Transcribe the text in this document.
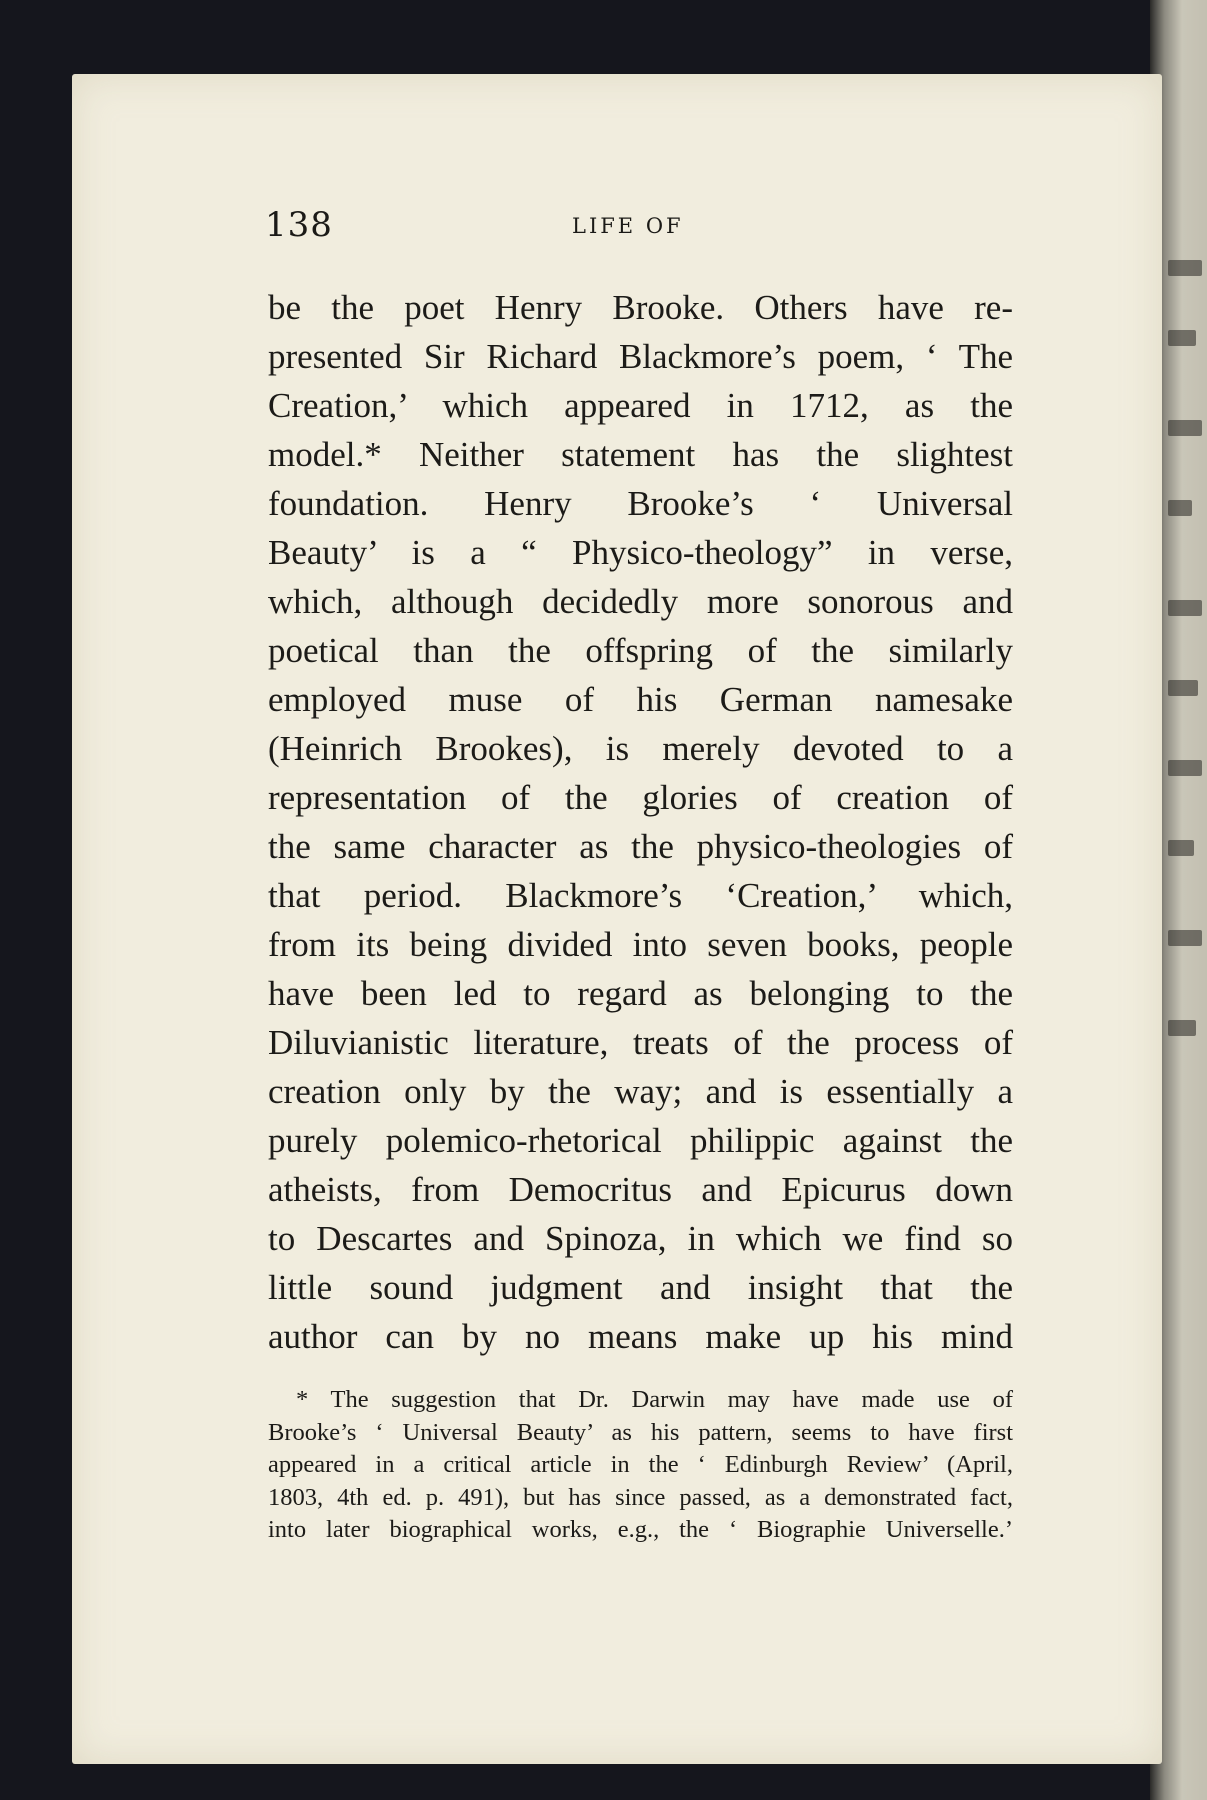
138	LIFE OF
be the poet Henry Brooke. Others have re-
presented Sir Richard Blackmore’s poem, ‘ The
Creation,’ which appeared in 1712, as the
model.* Neither statement has the slightest
foundation. Henry Brooke’s ‘ Universal
Beauty’ is a “ Physico-theology” in verse,
which, although decidedly more sonorous and
poetical than the offspring of the similarly
employed muse of his German namesake
(Heinrich Brookes), is merely devoted to a
representation of the glories of creation of
the same character as the physico-theologies of
that period. Blackmore’s ‘Creation,’ which,
from its being divided into seven books, people
have been led to regard as belonging to the
Diluvianistic literature, treats of the process of
creation only by the way; and is essentially a
purely polemico-rhetorical philippic against the
atheists, from Democritus and Epicurus down
to Descartes and Spinoza, in which we find so
little sound judgment and insight that the
author can by no means make up his mind
* The suggestion that Dr. Darwin may have made use of
Brooke’s ‘ Universal Beauty’ as his pattern, seems to have first
appeared in a critical article in the ‘ Edinburgh Review’ (April,
1803, 4th ed. p. 491), but has since passed, as a demonstrated fact,
into later biographical works, e.g., the ‘ Biographie Universelle.’
